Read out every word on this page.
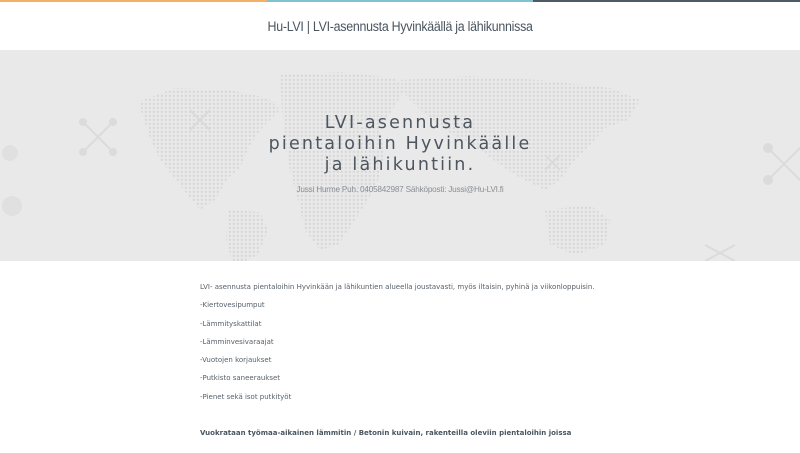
Hu-LVI | LVI-asennusta Hyvinkäällä ja lähikunnissa
LVI-asennusta
pientaloihin Hyvinkäälle
ja lähikuntiin.
Jussi Hurme Puh. 0405842987 Sähköposti: Jussi@Hu-LVI.fi

LVI- asennusta pientaloihin Hyvinkään ja lähikuntien alueella joustavasti, myös iltaisin, pyhinä ja viikonloppuisin.

-Kiertovesipumput

-Lämmityskattilat

-Lämminvesivaraajat

-Vuotojen korjaukset

-Putkisto saneeraukset

-Pienet sekä isot putkityöt

Vuokrataan työmaa-aikainen lämmitin / Betonin kuivain, rakenteilla oleviin pientaloihin joissa
